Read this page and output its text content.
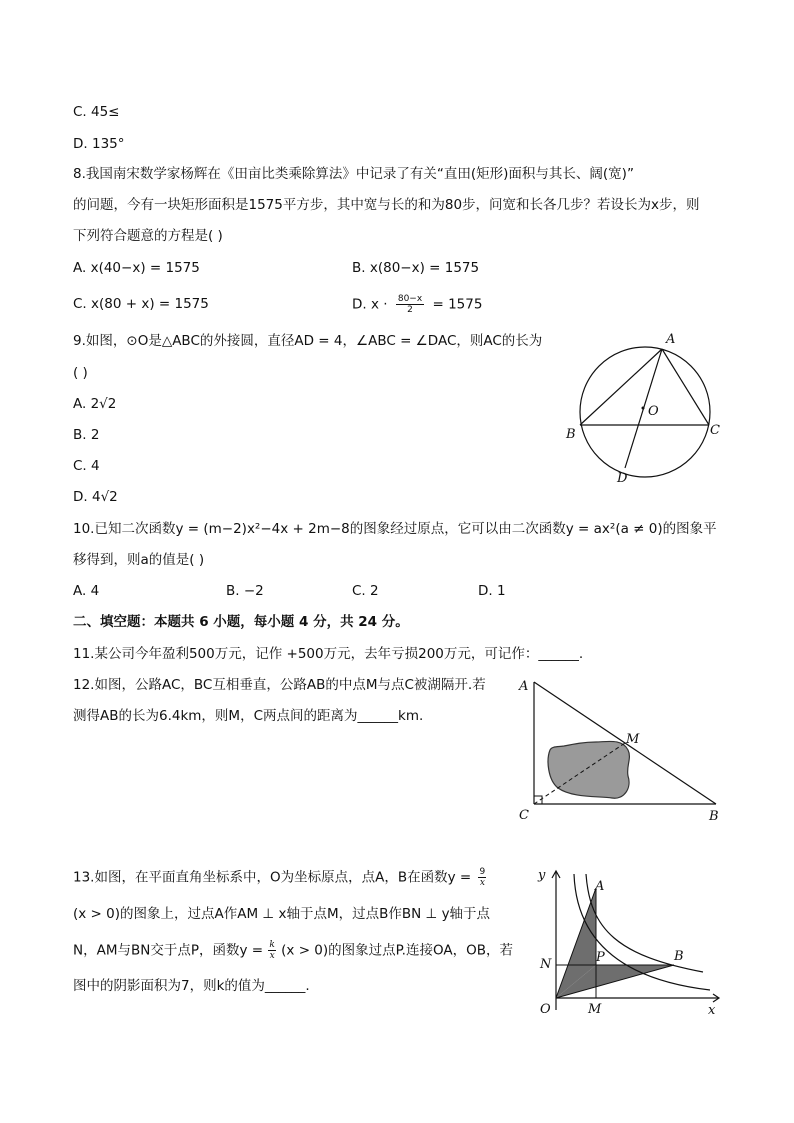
C. 45≤
D. 135°
8.我国南宋数学家杨辉在《田亩比类乘除算法》中记录了有关“直田(矩形)面积与其长、阔(宽)”
的问题，今有一块矩形面积是1575平方步，其中宽与长的和为80步，问宽和长各几步？若设长为x步，则
下列符合题意的方程是( )
A. x(40−x) = 1575	B. x(80−x) = 1575
C. x(80 + x) = 1575	D. $x \cdot \frac{80-x}{2} = 1575$
9.如图，⊙O是△ABC的外接圆，直径AD = 4，∠ABC = ∠DAC，则AC的长为
( )
A. 2√2
B. 2
C. 4
D. 4√2
A
B	C
D
O
10.已知二次函数y = (m−2)x²−4x + 2m−8的图象经过原点，它可以由二次函数y = ax²(a ≠ 0)的图象平
移得到，则a的值是( )
A. 4	B. −2	C. 2	D. 1
二、填空题：本题共 6 小题，每小题 4 分，共 24 分。
11.某公司今年盈利500万元，记作 +500万元，去年亏损200万元，可记作：______.
12.如图，公路AC，BC互相垂直，公路AB的中点M与点C被湖隔开.若
测得AB的长为6.4km，则M，C两点间的距离为______km.
A
C	B
M
13.如图，在平面直角坐标系中，O为坐标原点，点A，B在函数$y = \frac{9}{x}$
(x > 0)的图象上，过点A作AM ⊥ x轴于点M，过点B作BN ⊥ y轴于点
N，AM与BN交于点P，函数$y = \frac{k}{x} (x > 0)$的图象过点P.连接OA，OB，若
图中的阴影面积为7，则k的值为______.
y
x
A
B
N	P
O	M
